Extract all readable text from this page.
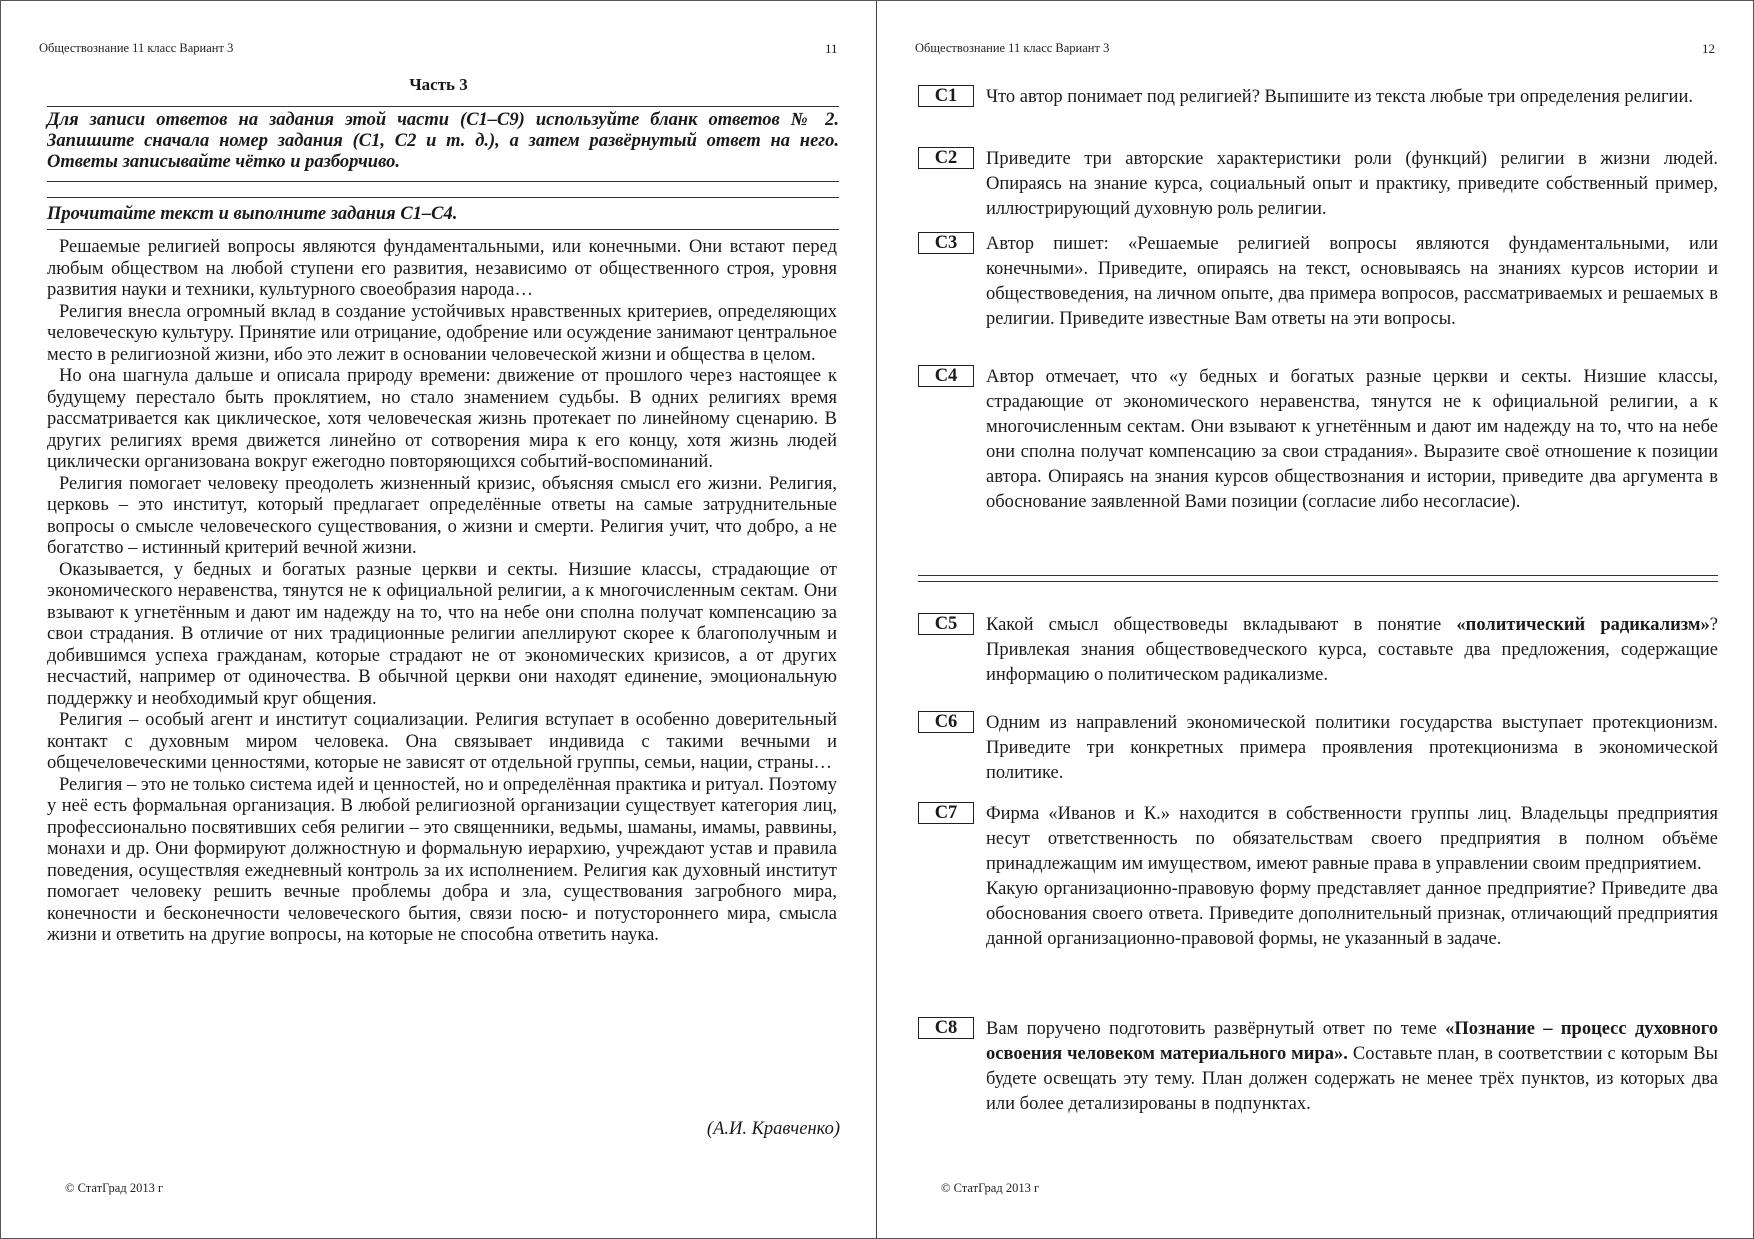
Обществознание 11 класс Вариант 3	11
Часть 3
Для записи ответов на задания этой части (С1–С9) используйте бланк ответов № 2. Запишите сначала номер задания (С1, С2 и т. д.), а затем развёрнутый ответ на него. Ответы записывайте чётко и разборчиво.
Прочитайте текст и выполните задания С1–С4.

Решаемые религией вопросы являются фундаментальными, или конечными. Они встают перед любым обществом на любой ступени его развития, независимо от общественного строя, уровня развития науки и техники, культурного своеобразия народа…

Религия внесла огромный вклад в создание устойчивых нравственных критериев, определяющих человеческую культуру. Принятие или отрицание, одобрение или осуждение занимают центральное место в религиозной жизни, ибо это лежит в основании человеческой жизни и общества в целом.

Но она шагнула дальше и описала природу времени: движение от прошлого через настоящее к будущему перестало быть проклятием, но стало знамением судьбы. В одних религиях время рассматривается как циклическое, хотя человеческая жизнь протекает по линейному сценарию. В других религиях время движется линейно от сотворения мира к его концу, хотя жизнь людей циклически организована вокруг ежегодно повторяющихся событий-воспоминаний.

Религия помогает человеку преодолеть жизненный кризис, объясняя смысл его жизни. Религия, церковь – это институт, который предлагает определённые ответы на самые затруднительные вопросы о смысле человеческого существования, о жизни и смерти. Религия учит, что добро, а не богатство – истинный критерий вечной жизни.

Оказывается, у бедных и богатых разные церкви и секты. Низшие классы, страдающие от экономического неравенства, тянутся не к официальной религии, а к многочисленным сектам. Они взывают к угнетённым и дают им надежду на то, что на небе они сполна получат компенсацию за свои страдания. В отличие от них традиционные религии апеллируют скорее к благополучным и добившимся успеха гражданам, которые страдают не от экономических кризисов, а от других несчастий, например от одиночества. В обычной церкви они находят единение, эмоциональную поддержку и необходимый круг общения.

Религия – особый агент и институт социализации. Религия вступает в особенно доверительный контакт с духовным миром человека. Она связывает индивида с такими вечными и общечеловеческими ценностями, которые не зависят от отдельной группы, семьи, нации, страны…

Религия – это не только система идей и ценностей, но и определённая практика и ритуал. Поэтому у неё есть формальная организация. В любой религиозной организации существует категория лиц, профессионально посвятивших себя религии – это священники, ведьмы, шаманы, имамы, раввины, монахи и др. Они формируют должностную и формальную иерархию, учреждают устав и правила поведения, осуществляя ежедневный контроль за их исполнением. Религия как духовный институт помогает человеку решить вечные проблемы добра и зла, существования загробного мира, конечности и бесконечности человеческого бытия, связи посю- и потустороннего мира, смысла жизни и ответить на другие вопросы, на которые не способна ответить наука.

(А.И. Кравченко)
© СтатГрад 2013 г
Обществознание 11 класс Вариант 3	12
C1	Что автор понимает под религией? Выпишите из текста любые три определения религии.

C2	Приведите три авторские характеристики роли (функций) религии в жизни людей. Опираясь на знание курса, социальный опыт и практику, приведите собственный пример, иллюстрирующий духовную роль религии.

C3	Автор пишет: «Решаемые религией вопросы являются фундаментальными, или конечными». Приведите, опираясь на текст, основываясь на знаниях курсов истории и обществоведения, на личном опыте, два примера вопросов, рассматриваемых и решаемых в религии. Приведите известные Вам ответы на эти вопросы.

C4	Автор отмечает, что «у бедных и богатых разные церкви и секты. Низшие классы, страдающие от экономического неравенства, тянутся не к официальной религии, а к многочисленным сектам. Они взывают к угнетённым и дают им надежду на то, что на небе они сполна получат компенсацию за свои страдания». Выразите своё отношение к позиции автора. Опираясь на знания курсов обществознания и истории, приведите два аргумента в обоснование заявленной Вами позиции (согласие либо несогласие).

C5	Какой смысл обществоведы вкладывают в понятие «политический радикализм»? Привлекая знания обществоведческого курса, составьте два предложения, содержащие информацию о политическом радикализме.

C6	Одним из направлений экономической политики государства выступает протекционизм. Приведите три конкретных примера проявления протекционизма в экономической политике.

C7	Фирма «Иванов и К.» находится в собственности группы лиц. Владельцы предприятия несут ответственность по обязательствам своего предприятия в полном объёме принадлежащим им имуществом, имеют равные права в управлении своим предприятием.

Какую организационно-правовую форму представляет данное предприятие? Приведите два обоснования своего ответа. Приведите дополнительный признак, отличающий предприятия данной организационно-правовой формы, не указанный в задаче.

C8	Вам поручено подготовить развёрнутый ответ по теме «Познание – процесс духовного освоения человеком материального мира». Составьте план, в соответствии с которым Вы будете освещать эту тему. План должен содержать не менее трёх пунктов, из которых два или более детализированы в подпунктах.

© СтатГрад 2013 г
